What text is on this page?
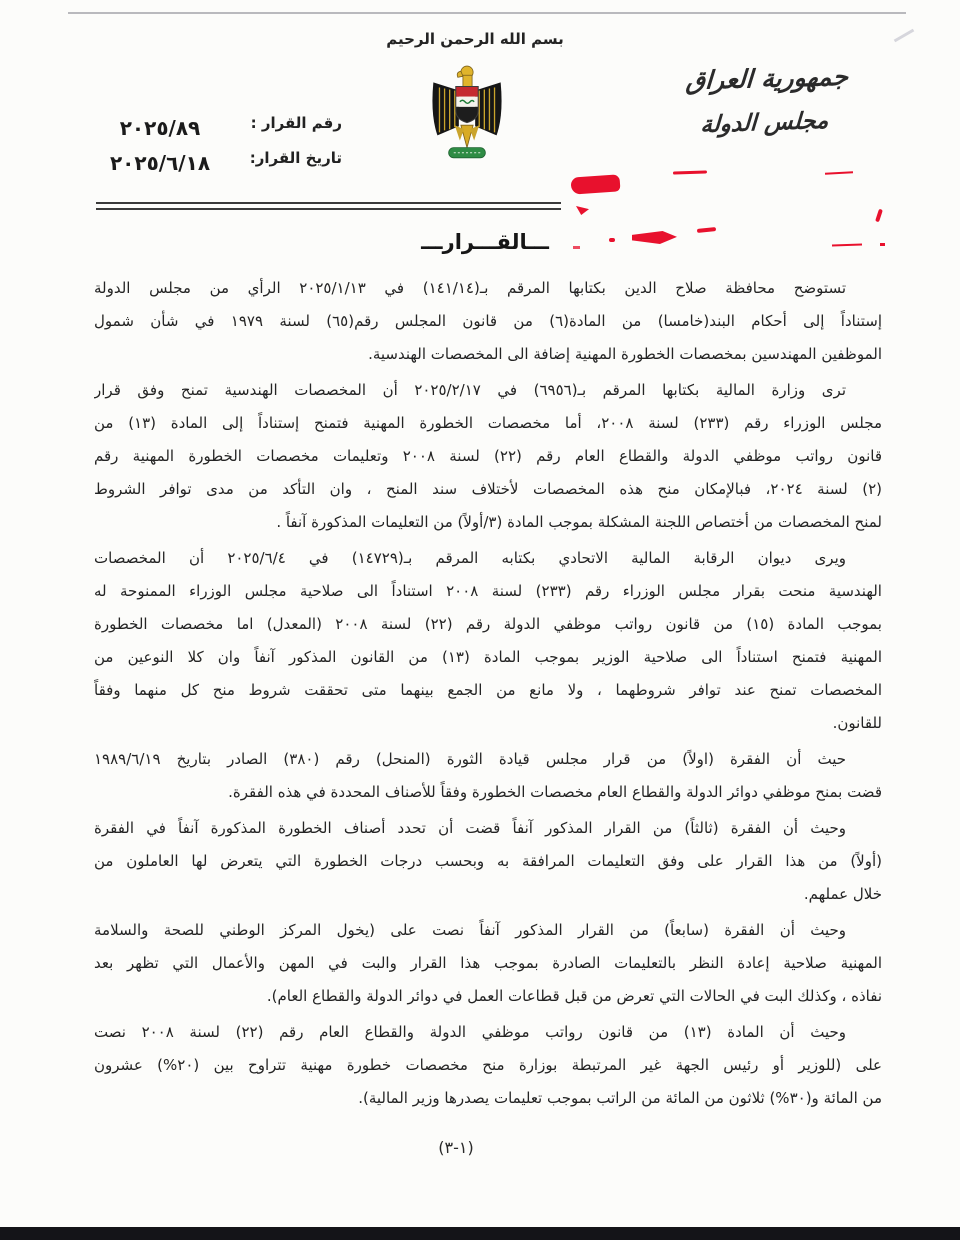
بسم الله الرحمن الرحيم
جمهورية العراق
مجلس الدولة
رقم القرار :
تاريخ القرار:
٢٠٢٥/٨٩
٢٠٢٥/٦/١٨
ـــالقـــرارـــ
تستوضح محافظة صلاح الدين بكتابها المرقم بـ(١٤١/١٤) في ٢٠٢٥/١/١٣ الرأي من مجلس الدولة
إستناداً إلى أحكام البند(خامسا) من المادة(٦) من قانون المجلس رقم(٦٥) لسنة ١٩٧٩ في شأن شمول
الموظفين المهندسين بمخصصات الخطورة المهنية إضافة الى المخصصات الهندسية.
ترى وزارة المالية بكتابها المرقم بـ(٦٩٥٦) في ٢٠٢٥/٢/١٧ أن المخصصات الهندسية تمنح وفق قرار
مجلس الوزراء رقم (٢٣٣) لسنة ٢٠٠٨، أما مخصصات الخطورة المهنية فتمنح إستناداً إلى المادة (١٣) من
قانون رواتب موظفي الدولة والقطاع العام رقم (٢٢) لسنة ٢٠٠٨ وتعليمات مخصصات الخطورة المهنية رقم
(٢) لسنة ٢٠٢٤، فبالإمكان منح هذه المخصصات لأختلاف سند المنح ، وان التأكد من مدى توافر الشروط
لمنح المخصصات من أختصاص اللجنة المشكلة بموجب المادة (٣/أولاً) من التعليمات المذكورة آنفاً .
ويرى ديوان الرقابة المالية الاتحادي بكتابه المرقم بـ(١٤٧٢٩) في ٢٠٢٥/٦/٤ أن المخصصات
الهندسية منحت بقرار مجلس الوزراء رقم (٢٣٣) لسنة ٢٠٠٨ استناداً الى صلاحية مجلس الوزراء الممنوحة له
بموجب المادة (١٥) من قانون رواتب موظفي الدولة رقم (٢٢) لسنة ٢٠٠٨ (المعدل) اما مخصصات الخطورة
المهنية فتمنح استناداً الى صلاحية الوزير بموجب المادة (١٣) من القانون المذكور آنفاً وان كلا النوعين من
المخصصات تمنح عند توافر شروطهما ، ولا مانع من الجمع بينهما متى تحققت شروط منح كل منهما وفقاً
للقانون.
حيث أن الفقرة (اولاً) من قرار مجلس قيادة الثورة (المنحل) رقم (٣٨٠) الصادر بتاريخ ١٩٨٩/٦/١٩
قضت بمنح موظفي دوائر الدولة والقطاع العام مخصصات الخطورة وفقاً للأصناف المحددة في هذه الفقرة.
وحيث أن الفقرة (ثالثاً) من القرار المذكور آنفاً قضت أن تحدد أصناف الخطورة المذكورة آنفاً في الفقرة
(أولاً) من هذا القرار على وفق التعليمات المرافقة به وبحسب درجات الخطورة التي يتعرض لها العاملون من
خلال عملهم.
وحيث أن الفقرة (سابعاً) من القرار المذكور آنفاً نصت على (يخول المركز الوطني للصحة والسلامة
المهنية صلاحية إعادة النظر بالتعليمات الصادرة بموجب هذا القرار والبت في المهن والأعمال التي تظهر بعد
نفاذه ، وكذلك البت في الحالات التي تعرض من قبل قطاعات العمل في دوائر الدولة والقطاع العام).
وحيث أن المادة (١٣) من قانون رواتب موظفي الدولة والقطاع العام رقم (٢٢) لسنة ٢٠٠٨ نصت
على (للوزير أو رئيس الجهة غير المرتبطة بوزارة منح مخصصات خطورة مهنية تتراوح بين (٢٠%) عشرون
من المائة و(٣٠%) ثلاثون من المائة من الراتب بموجب تعليمات يصدرها وزير المالية).
(١-٣)
